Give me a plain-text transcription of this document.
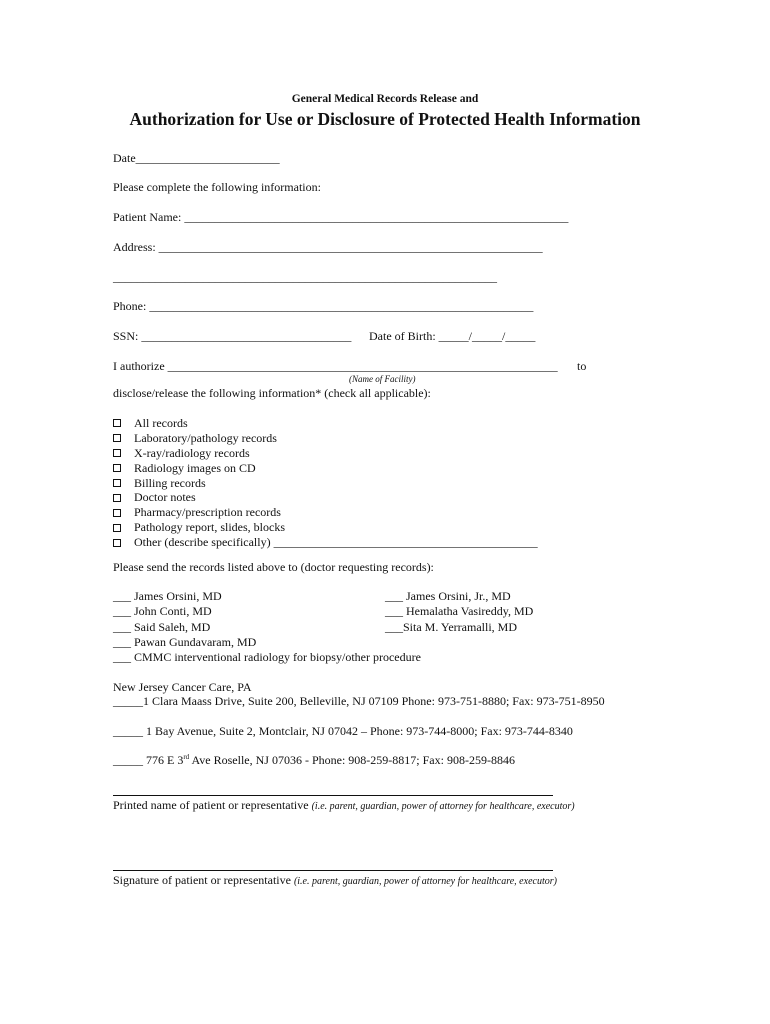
General Medical Records Release and
Authorization for Use or Disclosure of Protected Health Information
Date________________________
Please complete the following information:
Patient Name: ________________________________________________________________
Address: ________________________________________________________________
________________________________________________________________
Phone: ________________________________________________________________
SSN: ___________________________________ Date of Birth: _____/_____/_____
I authorize _________________________________________________________________ to
(Name of Facility)
disclose/release the following information* (check all applicable):
All records
Laboratory/pathology records
X-ray/radiology records
Radiology images on CD
Billing records
Doctor notes
Pharmacy/prescription records
Pathology report, slides, blocks
Other (describe specifically) ____________________________________________
Please send the records listed above to (doctor requesting records):
___ James Orsini, MD
___ John Conti, MD
___ Said Saleh, MD
___ Pawan Gundavaram, MD
___ CMMC interventional radiology for biopsy/other procedure
___ James Orsini, Jr., MD
___ Hemalatha Vasireddy, MD
___Sita M. Yerramalli, MD
New Jersey Cancer Care, PA
_____1 Clara Maass Drive, Suite 200, Belleville, NJ 07109 Phone: 973-751-8880; Fax: 973-751-8950
_____ 1 Bay Avenue, Suite 2, Montclair, NJ 07042 – Phone: 973-744-8000; Fax: 973-744-8340
_____ 776 E 3rd Ave Roselle, NJ 07036 - Phone: 908-259-8817; Fax: 908-259-8846
Printed name of patient or representative (i.e. parent, guardian, power of attorney for healthcare, executor)
Signature of patient or representative (i.e. parent, guardian, power of attorney for healthcare, executor)
